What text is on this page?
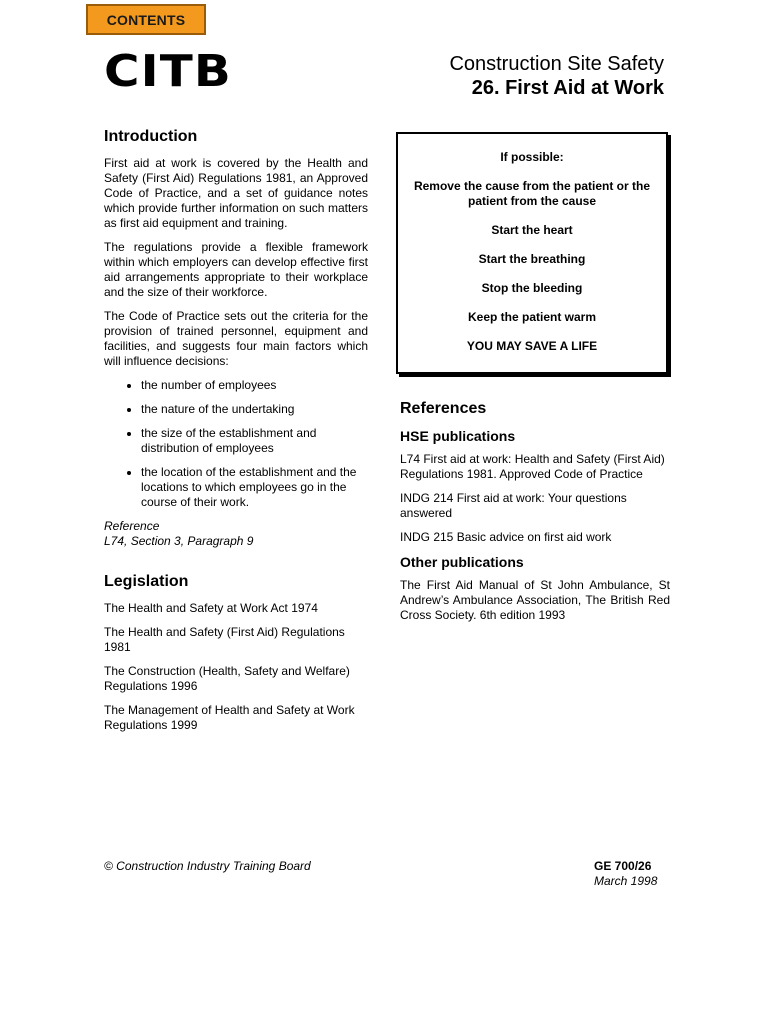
CONTENTS
CITB	Construction Site Safety
26. First Aid at Work
Introduction

First aid at work is covered by the Health and Safety (First Aid) Regulations 1981, an Approved Code of Practice, and a set of guidance notes which provide further information on such matters as first aid equipment and training.

The regulations provide a flexible framework within which employers can develop effective first aid arrangements appropriate to their workplace and the size of their workforce.

The Code of Practice sets out the criteria for the provision of trained personnel, equipment and facilities, and suggests four main factors which will influence decisions:

• the number of employees
• the nature of the undertaking
• the size of the establishment and distribution of employees
• the location of the establishment and the locations to which employees go in the course of their work.
Reference
L74, Section 3, Paragraph 9
Legislation

The Health and Safety at Work Act 1974

The Health and Safety (First Aid) Regulations 1981

The Construction (Health, Safety and Welfare) Regulations 1996

The Management of Health and Safety at Work Regulations 1999

If possible:

Remove the cause from the patient or the patient from the cause

Start the heart

Start the breathing

Stop the bleeding

Keep the patient warm

YOU MAY SAVE A LIFE

References
HSE publications

L74 First aid at work: Health and Safety (First Aid) Regulations 1981. Approved Code of Practice

INDG 214 First aid at work: Your questions answered

INDG 215 Basic advice on first aid work

Other publications

The First Aid Manual of St John Ambulance, St Andrew’s Ambulance Association, The British Red Cross Society. 6th edition 1993

© Construction Industry Training Board	GE 700/26
March 1998
